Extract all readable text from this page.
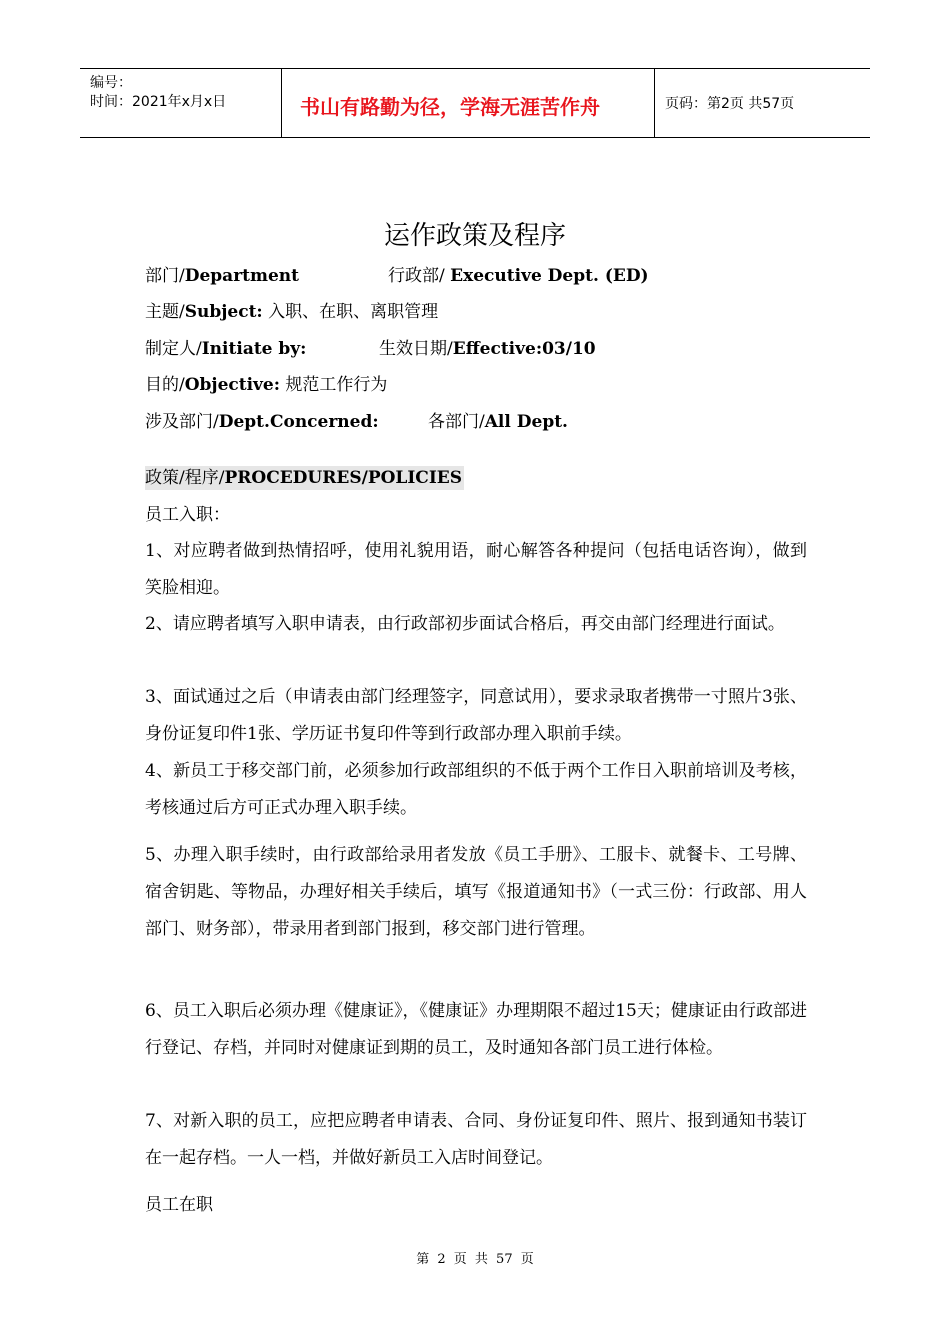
编号：
时间：2021年x月x日	书山有路勤为径，学海无涯苦作舟	页码：第2页 共57页
运作政策及程序
部门/Department	行政部/ Executive Dept. (ED)
主题/Subject: 入职、在职、离职管理
制定人/Initiate by:	生效日期/Effective:03/10
目的/Objective: 规范工作行为
涉及部门/Dept.Concerned:	各部门/All Dept.
政策/程序/PROCEDURES/POLICIES
员工入职：
1、对应聘者做到热情招呼，使用礼貌用语，耐心解答各种提问（包括电话咨询），做到笑脸相迎。
2、请应聘者填写入职申请表，由行政部初步面试合格后，再交由部门经理进行面试。
3、面试通过之后（申请表由部门经理签字，同意试用），要求录取者携带一寸照片3张、身份证复印件1张、学历证书复印件等到行政部办理入职前手续。
4、新员工于移交部门前，必须参加行政部组织的不低于两个工作日入职前培训及考核，考核通过后方可正式办理入职手续。
5、办理入职手续时，由行政部给录用者发放《员工手册》、工服卡、就餐卡、工号牌、宿舍钥匙、等物品，办理好相关手续后，填写《报道通知书》（一式三份：行政部、用人部门、财务部），带录用者到部门报到，移交部门进行管理。
6、员工入职后必须办理《健康证》，《健康证》办理期限不超过15天；健康证由行政部进行登记、存档，并同时对健康证到期的员工，及时通知各部门员工进行体检。
7、对新入职的员工，应把应聘者申请表、合同、身份证复印件、照片、报到通知书装订在一起存档。一人一档，并做好新员工入店时间登记。
员工在职
第 2 页 共 57 页
